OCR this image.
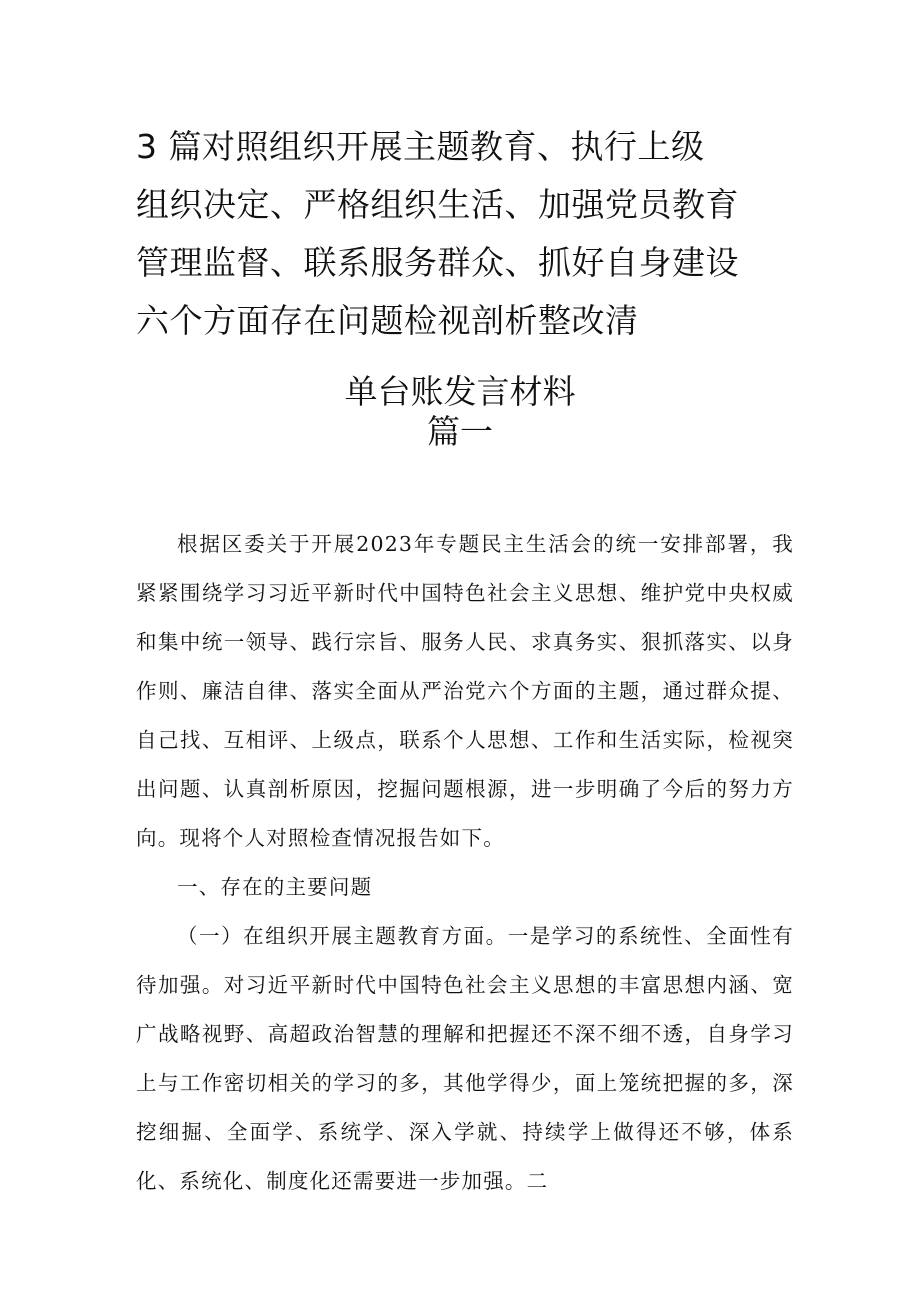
3 篇对照组织开展主题教育、执行上级
组织决定、严格组织生活、加强党员教育
管理监督、联系服务群众、抓好自身建设
六个方面存在问题检视剖析整改清
单台账发言材料
篇一

根据区委关于开展2023年专题民主生活会的统一安排部署，我紧紧围绕学习习近平新时代中国特色社会主义思想、维护党中央权威和集中统一领导、践行宗旨、服务人民、求真务实、狠抓落实、以身作则、廉洁自律、落实全面从严治党六个方面的主题，通过群众提、自己找、互相评、上级点，联系个人思想、工作和生活实际，检视突出问题、认真剖析原因，挖掘问题根源，进一步明确了今后的努力方向。现将个人对照检查情况报告如下。

一、存在的主要问题

（一）在组织开展主题教育方面。一是学习的系统性、全面性有待加强。对习近平新时代中国特色社会主义思想的丰富思想内涵、宽广战略视野、高超政治智慧的理解和把握还不深不细不透，自身学习上与工作密切相关的学习的多，其他学得少，面上笼统把握的多，深挖细掘、全面学、系统学、深入学就、持续学上做得还不够，体系化、系统化、制度化还需要进一步加强。二
